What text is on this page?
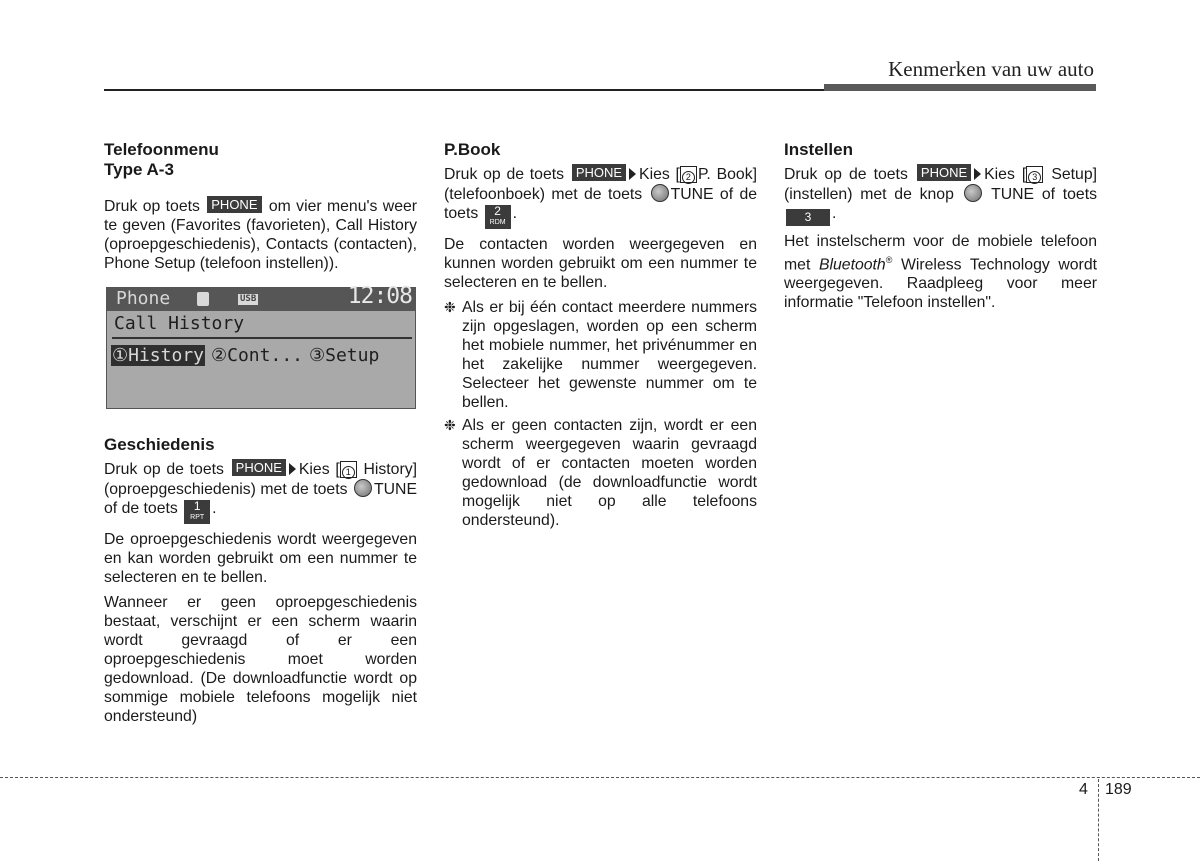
Kenmerken van uw auto
Telefoonmenu
Type A-3
Druk op toets PHONE om vier menu's weer te geven (Favorites (favorieten), Call History (oproepgeschiedenis), Contacts (contacten), Phone Setup (telefoon instellen)).
Phone	USB	12:08
Call History
①History ②Cont... ③Setup
Geschiedenis
Druk op de toets PHONE Kies [ 1 History] (oproepgeschiedenis) met de toets TUNE of de toets	1
RPT
.
De oproepgeschiedenis wordt weergegeven en kan worden gebruikt om een nummer te selecteren en te bellen.
Wanneer er geen oproepgeschiedenis bestaat, verschijnt er een scherm waarin wordt gevraagd of er een oproepgeschiedenis moet worden gedownload. (De downloadfunctie wordt op sommige mobiele telefoons mogelijk niet ondersteund)
P.Book
Druk op de toets PHONE Kies [ 2 P. Book] (telefoonboek) met de toets TUNE of de toets	2
RDM
.
De contacten worden weergegeven en kunnen worden gebruikt om een nummer te selecteren en te bellen.
❉ Als er bij één contact meerdere nummers zijn opgeslagen, worden op een scherm het mobiele nummer, het privénummer en het zakelijke nummer weergegeven. Selecteer het gewenste nummer om te bellen.
❉ Als er geen contacten zijn, wordt er een scherm weergegeven waarin gevraagd wordt of er contacten moeten worden gedownload (de downloadfunctie wordt mogelijk niet op alle telefoons ondersteund).
Instellen
Druk op de toets PHONE Kies [ 3 Setup] (instellen) met de knop TUNE of toets 3 .
Het instelscherm voor de mobiele telefoon met Bluetooth® Wireless Technology wordt weergegeven. Raadpleeg voor meer informatie "Telefoon instellen".
4 189
